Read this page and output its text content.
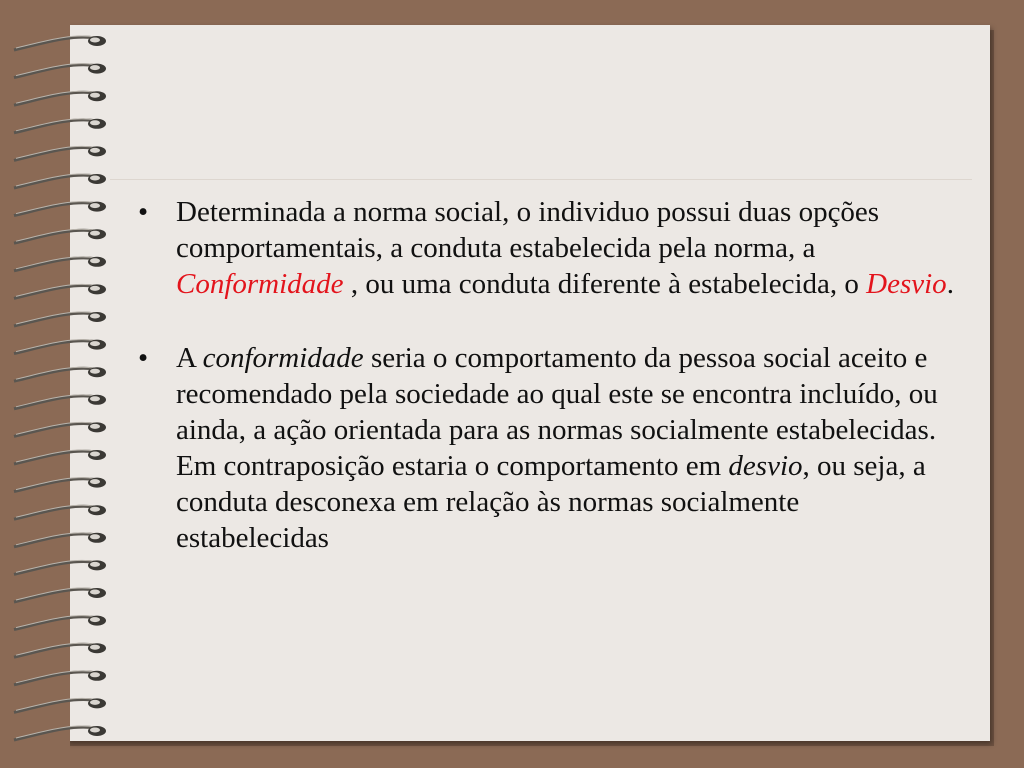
• Determinada a norma social, o individuo possui duas opções comportamentais, a conduta estabelecida pela norma, a Conformidade , ou uma conduta diferente à estabelecida, o Desvio.
• A conformidade seria o comportamento da pessoa social aceito e recomendado pela sociedade ao qual este se encontra incluído, ou ainda, a ação orientada para as normas socialmente estabelecidas. Em contraposição estaria o comportamento em desvio, ou seja, a conduta desconexa em relação às normas socialmente estabelecidas
